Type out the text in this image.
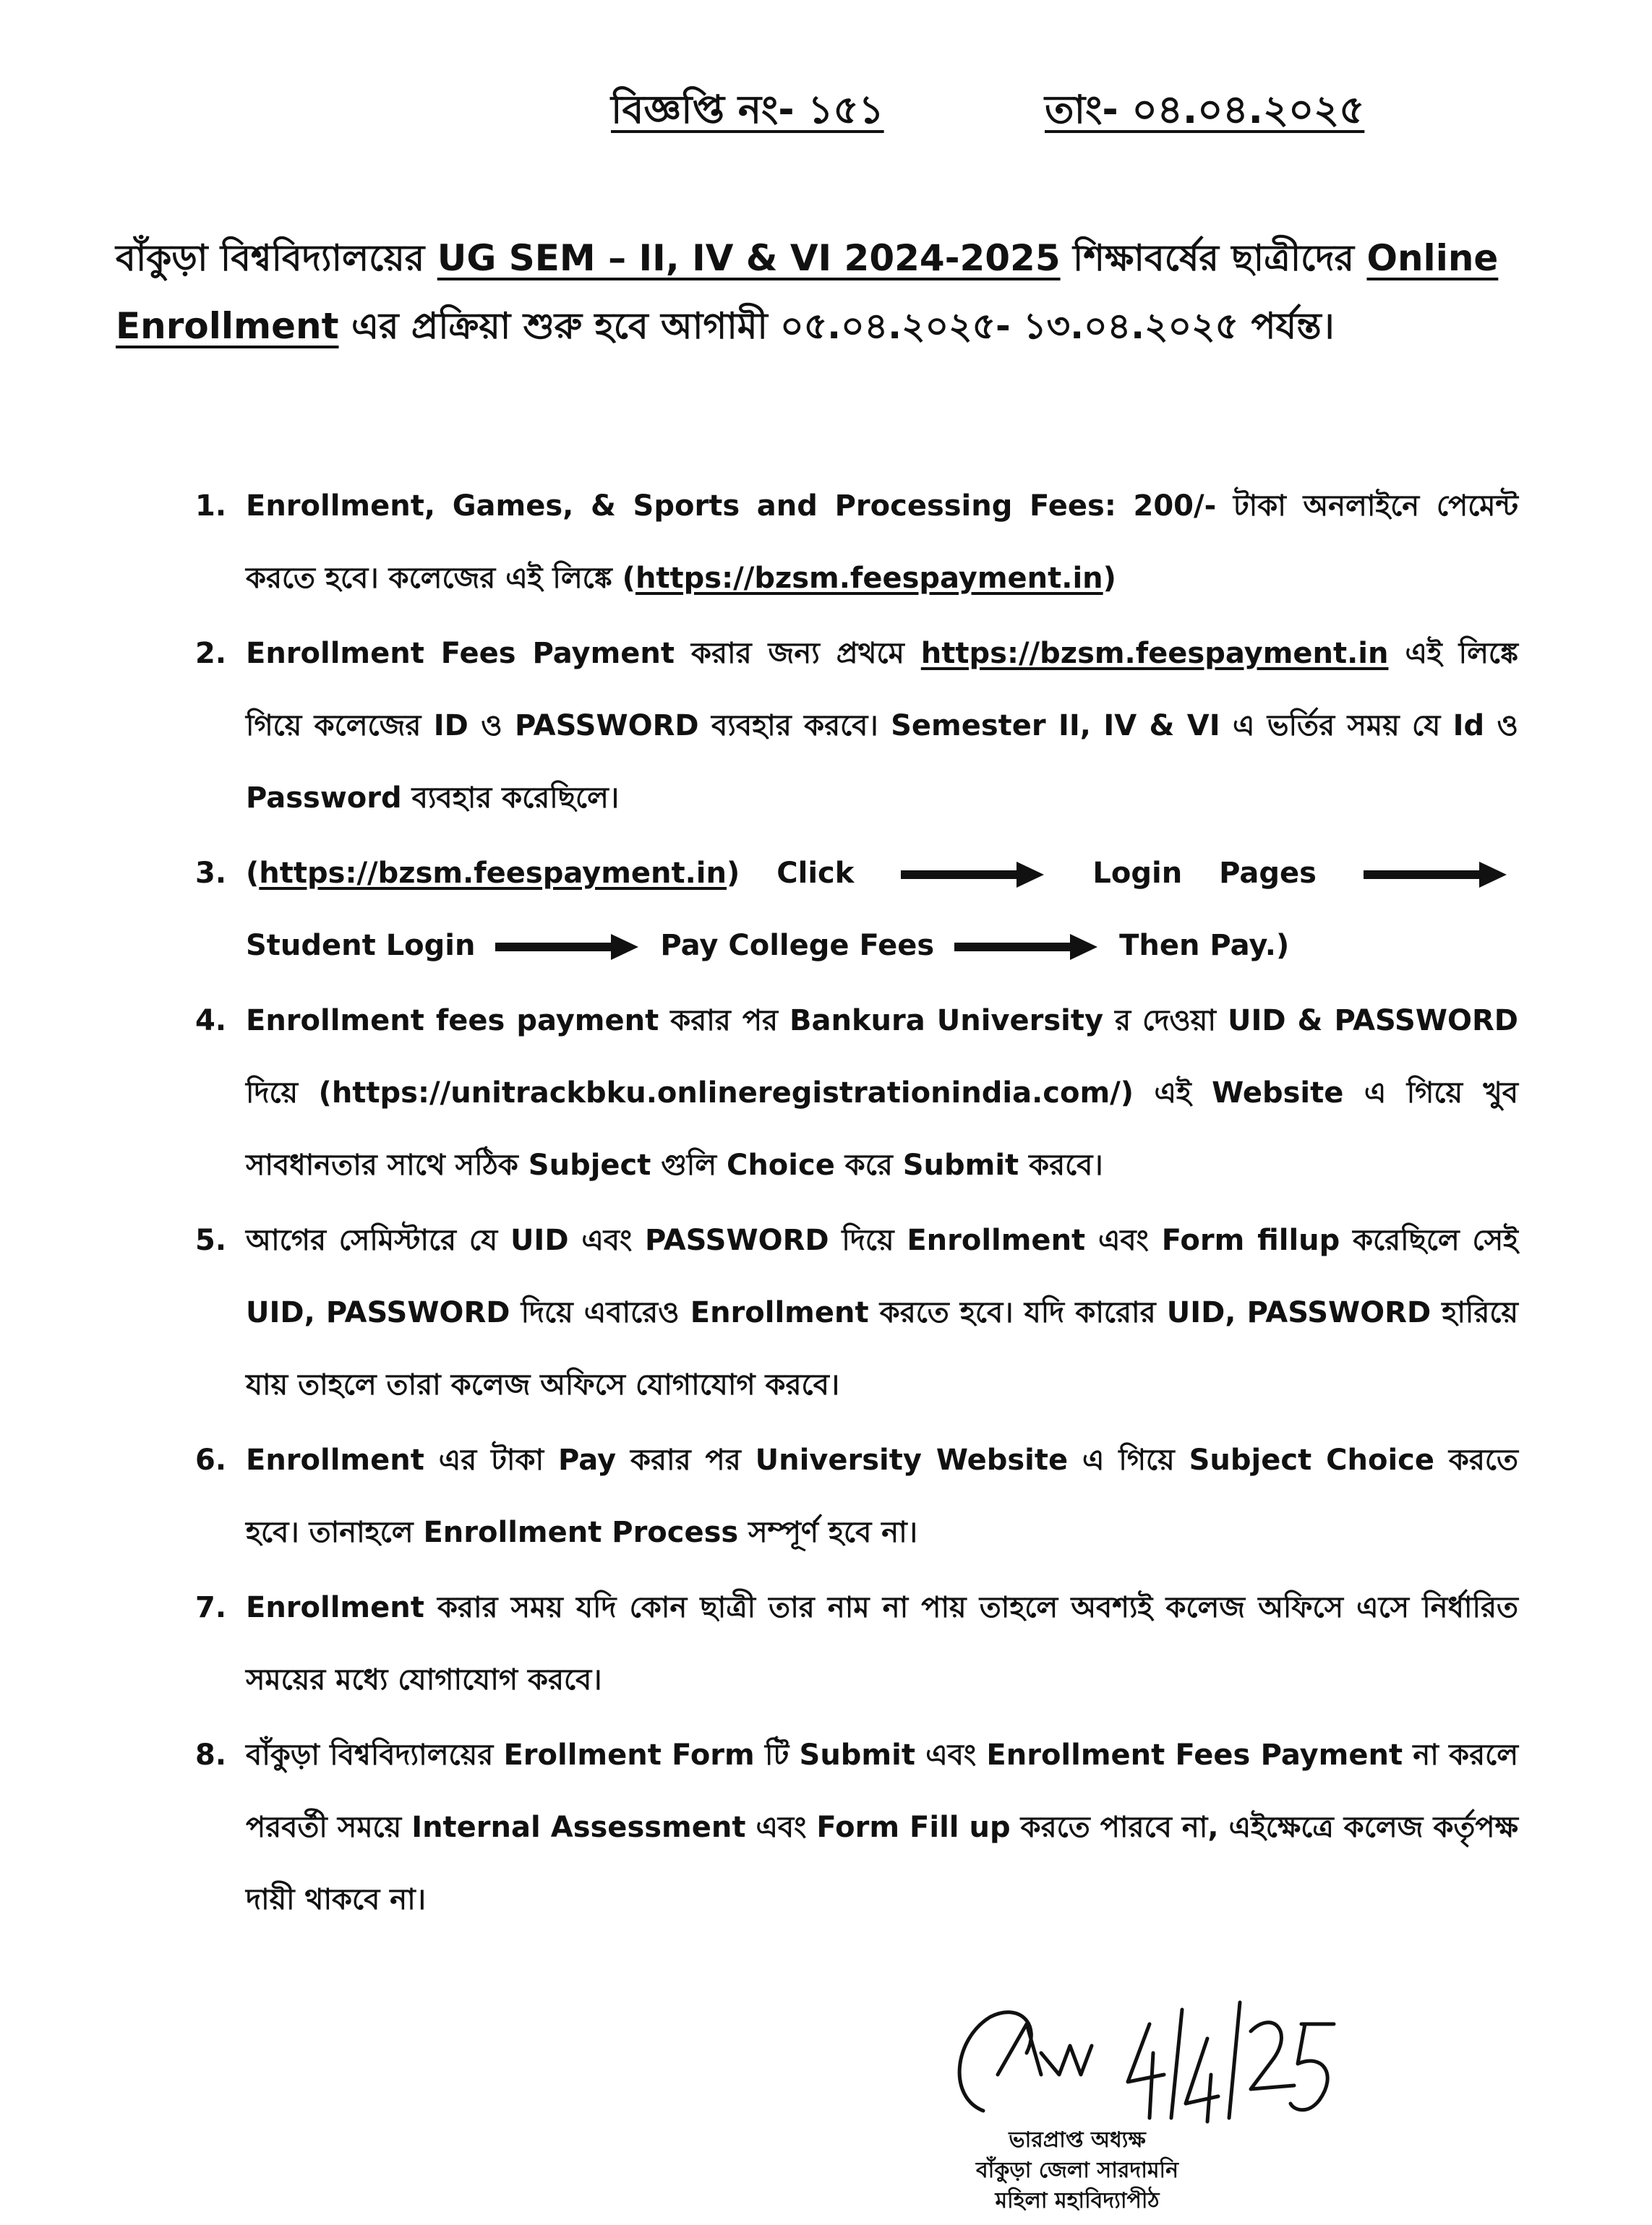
বিজ্ঞপ্তি নং- ১৫১	তাং- ০৪.০৪.২০২৫
বাঁকুড়া বিশ্ববিদ্যালয়ের UG SEM – II, IV & VI 2024-2025 শিক্ষাবর্ষের ছাত্রীদের Online Enrollment এর প্রক্রিয়া শুরু হবে আগামী ০৫.০৪.২০২৫- ১৩.০৪.২০২৫ পর্যন্ত।
1. Enrollment, Games, & Sports and Processing Fees: 200/- টাকা অনলাইনে পেমেন্ট করতে হবে। কলেজের এই লিঙ্কে (https://bzsm.feespayment.in)
2. Enrollment Fees Payment করার জন্য প্রথমে https://bzsm.feespayment.in এই লিঙ্কে গিয়ে কলেজের ID ও PASSWORD ব্যবহার করবে। Semester II, IV & VI এ ভর্তির সময় যে Id ও Password ব্যবহার করেছিলে।
3. (https://bzsm.feespayment.in) Click	Login Pages  Student Login	Pay College Fees	Then Pay.)
4. Enrollment fees payment করার পর Bankura University র দেওয়া UID & PASSWORD দিয়ে (https://unitrackbku.onlineregistrationindia.com/) এই Website এ গিয়ে খুব সাবধানতার সাথে সঠিক Subject গুলি Choice করে Submit করবে।
5. আগের সেমিস্টারে যে UID এবং PASSWORD দিয়ে Enrollment এবং Form fillup করেছিলে সেই UID, PASSWORD দিয়ে এবারেও Enrollment করতে হবে। যদি কারোর UID, PASSWORD হারিয়ে যায় তাহলে তারা কলেজ অফিসে যোগাযোগ করবে।
6. Enrollment এর টাকা Pay করার পর University Website এ গিয়ে Subject Choice করতে হবে। তানাহলে Enrollment Process সম্পূর্ণ হবে না।
7. Enrollment করার সময় যদি কোন ছাত্রী তার নাম না পায় তাহলে অবশ্যই কলেজ অফিসে এসে নির্ধারিত সময়ের মধ্যে যোগাযোগ করবে।
8. বাঁকুড়া বিশ্ববিদ্যালয়ের Erollment Form টি Submit এবং Enrollment Fees Payment না করলে পরবর্তী সময়ে Internal Assessment এবং Form Fill up করতে পারবে না, এইক্ষেত্রে কলেজ কর্তৃপক্ষ দায়ী থাকবে না।
ভারপ্রাপ্ত অধ্যক্ষ
বাঁকুড়া জেলা সারদামনি
মহিলা মহাবিদ্যাপীঠ
